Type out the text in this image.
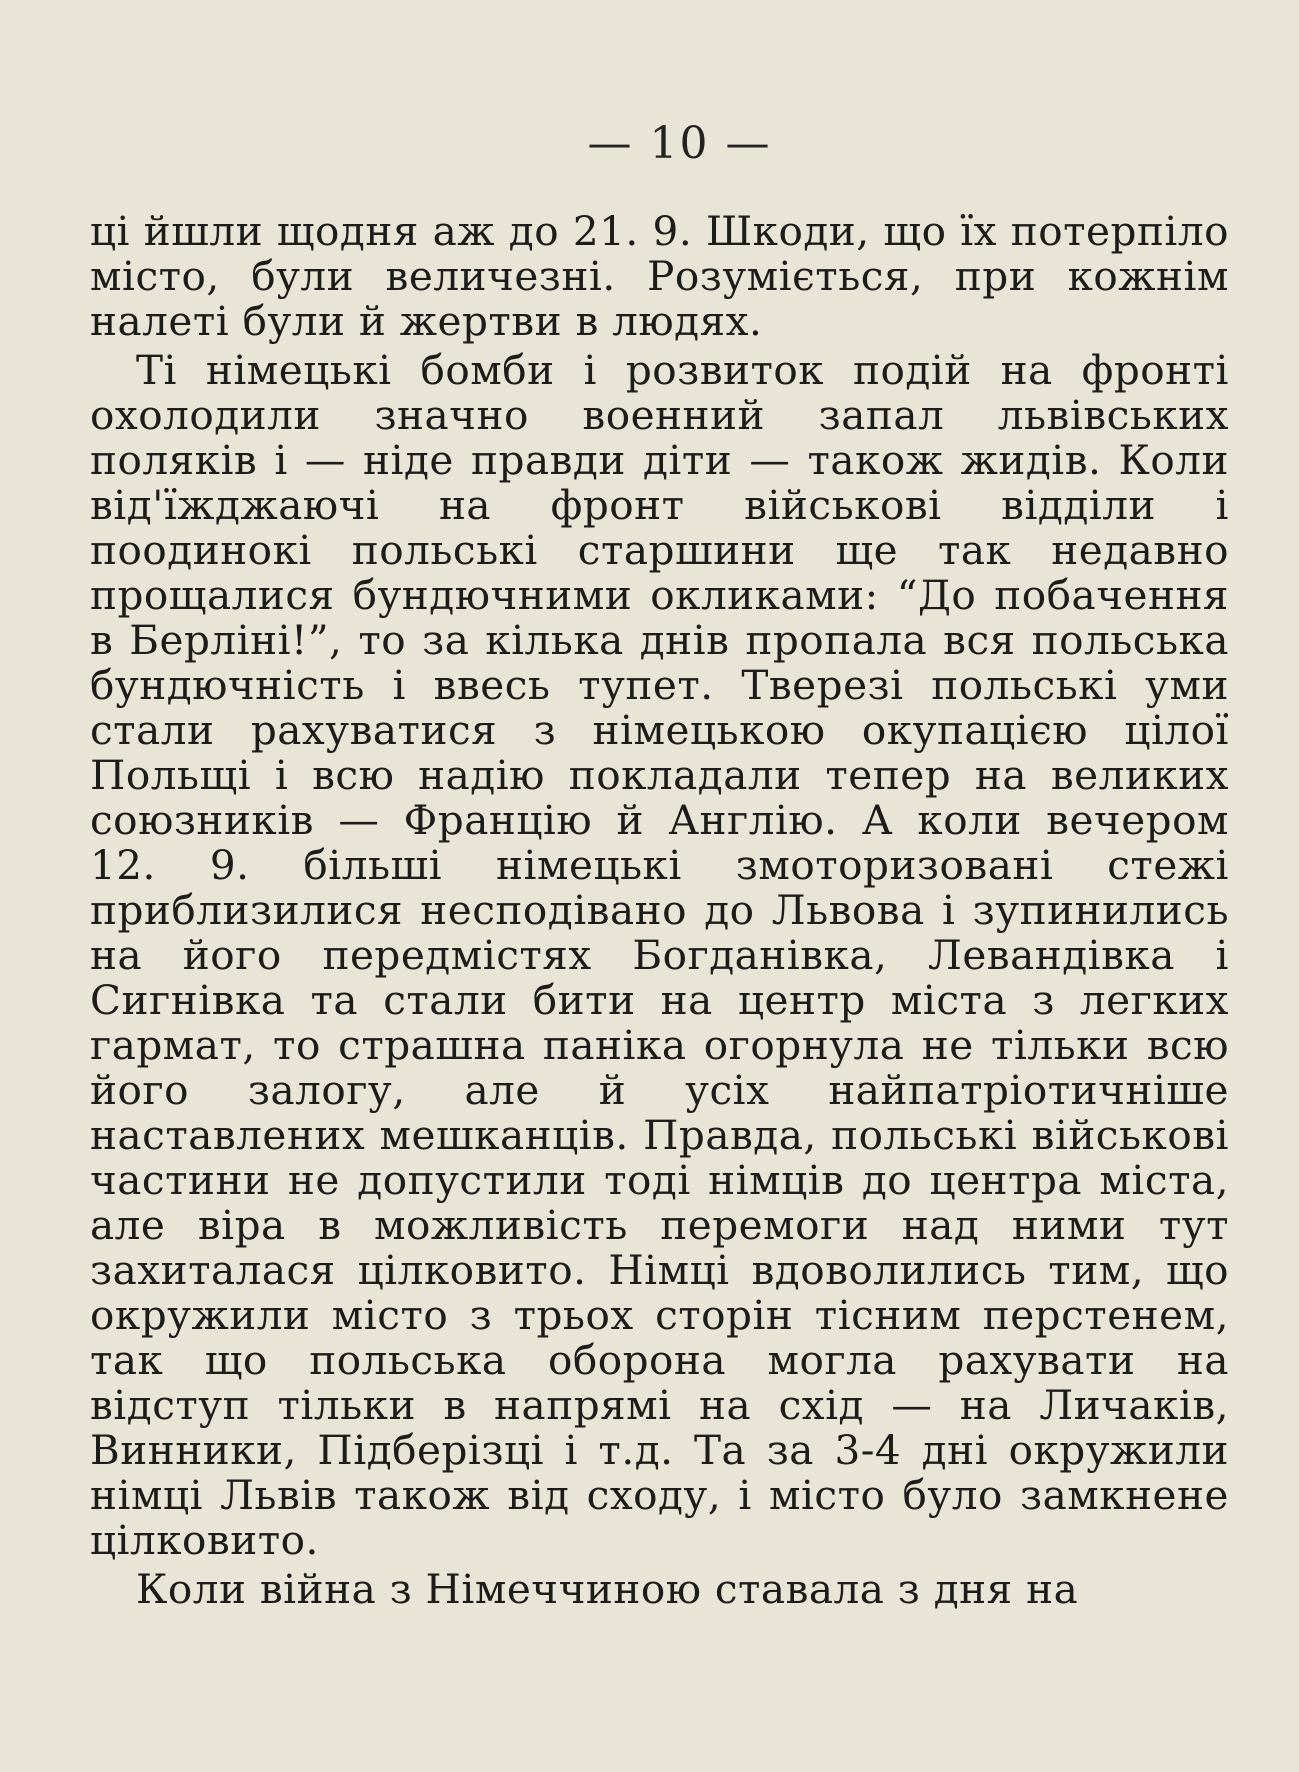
— 10 —

ці йшли щодня аж до 21. 9. Шкоди, що їх потерпіло місто, були величезні. Розуміється, при кожнім налеті були й жертви в людях.

Ті німецькі бомби і розвиток подій на фронті охолодили значно военний запал львівських поляків і — ніде правди діти — також жидів. Коли від'їжджаючі на фронт військові відділи і поодинокі польські старшини ще так недавно прощалися бундючними окликами: “До побачення в Берліні!”, то за кілька днів пропала вся польська бундючність і ввесь тупет. Тверезі польські уми стали рахуватися з німецькою окупацією цілої Польщі і всю надію покладали тепер на великих союзників — Францію й Англію. А коли вечером 12. 9. більші німецькі змоторизовані стежі приблизилися несподівано до Львова і зупинились на його передмістях Богданівка, Левандівка і Сигнівка та стали бити на центр міста з легких гармат, то страшна паніка огорнула не тільки всю його залогу, але й усіх найпатріотичніше наставлених мешканців. Правда, польські військові частини не допустили тоді німців до центра міста, але віра в можливість перемоги над ними тут захиталася цілковито. Німці вдоволились тим, що окружили місто з трьох сторін тісним перстенем, так що польська оборона могла рахувати на відступ тільки в напрямі на схід — на Личаків, Винники, Підберізці і т.д. Та за 3-4 дні окружили німці Львів також від сходу, і місто було замкнене цілковито.

Коли війна з Німеччиною ставала з дня на
